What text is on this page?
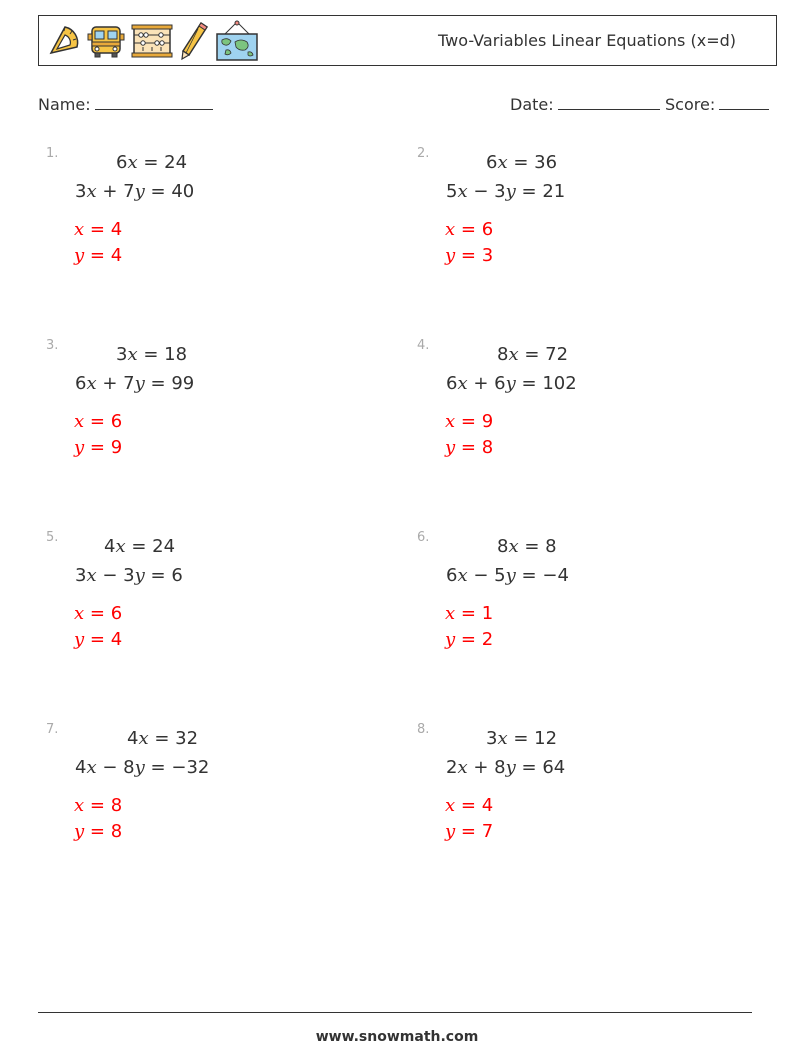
Two-Variables Linear Equations (x=d)
Name:	Date:	Score:
1.	6x = 24
3x + 7y = 40
x = 4
y = 4
2.	6x = 36
5x − 3y = 21
x = 6
y = 3
3.	3x = 18
6x + 7y = 99
x = 6
y = 9
4.	8x = 72
6x + 6y = 102
x = 9
y = 8
5.	4x = 24
3x − 3y = 6
x = 6
y = 4
6.	8x = 8
6x − 5y = −4
x = 1
y = 2
7.	4x = 32
4x − 8y = −32
x = 8
y = 8
8.	3x = 12
2x + 8y = 64
x = 4
y = 7
www.snowmath.com
